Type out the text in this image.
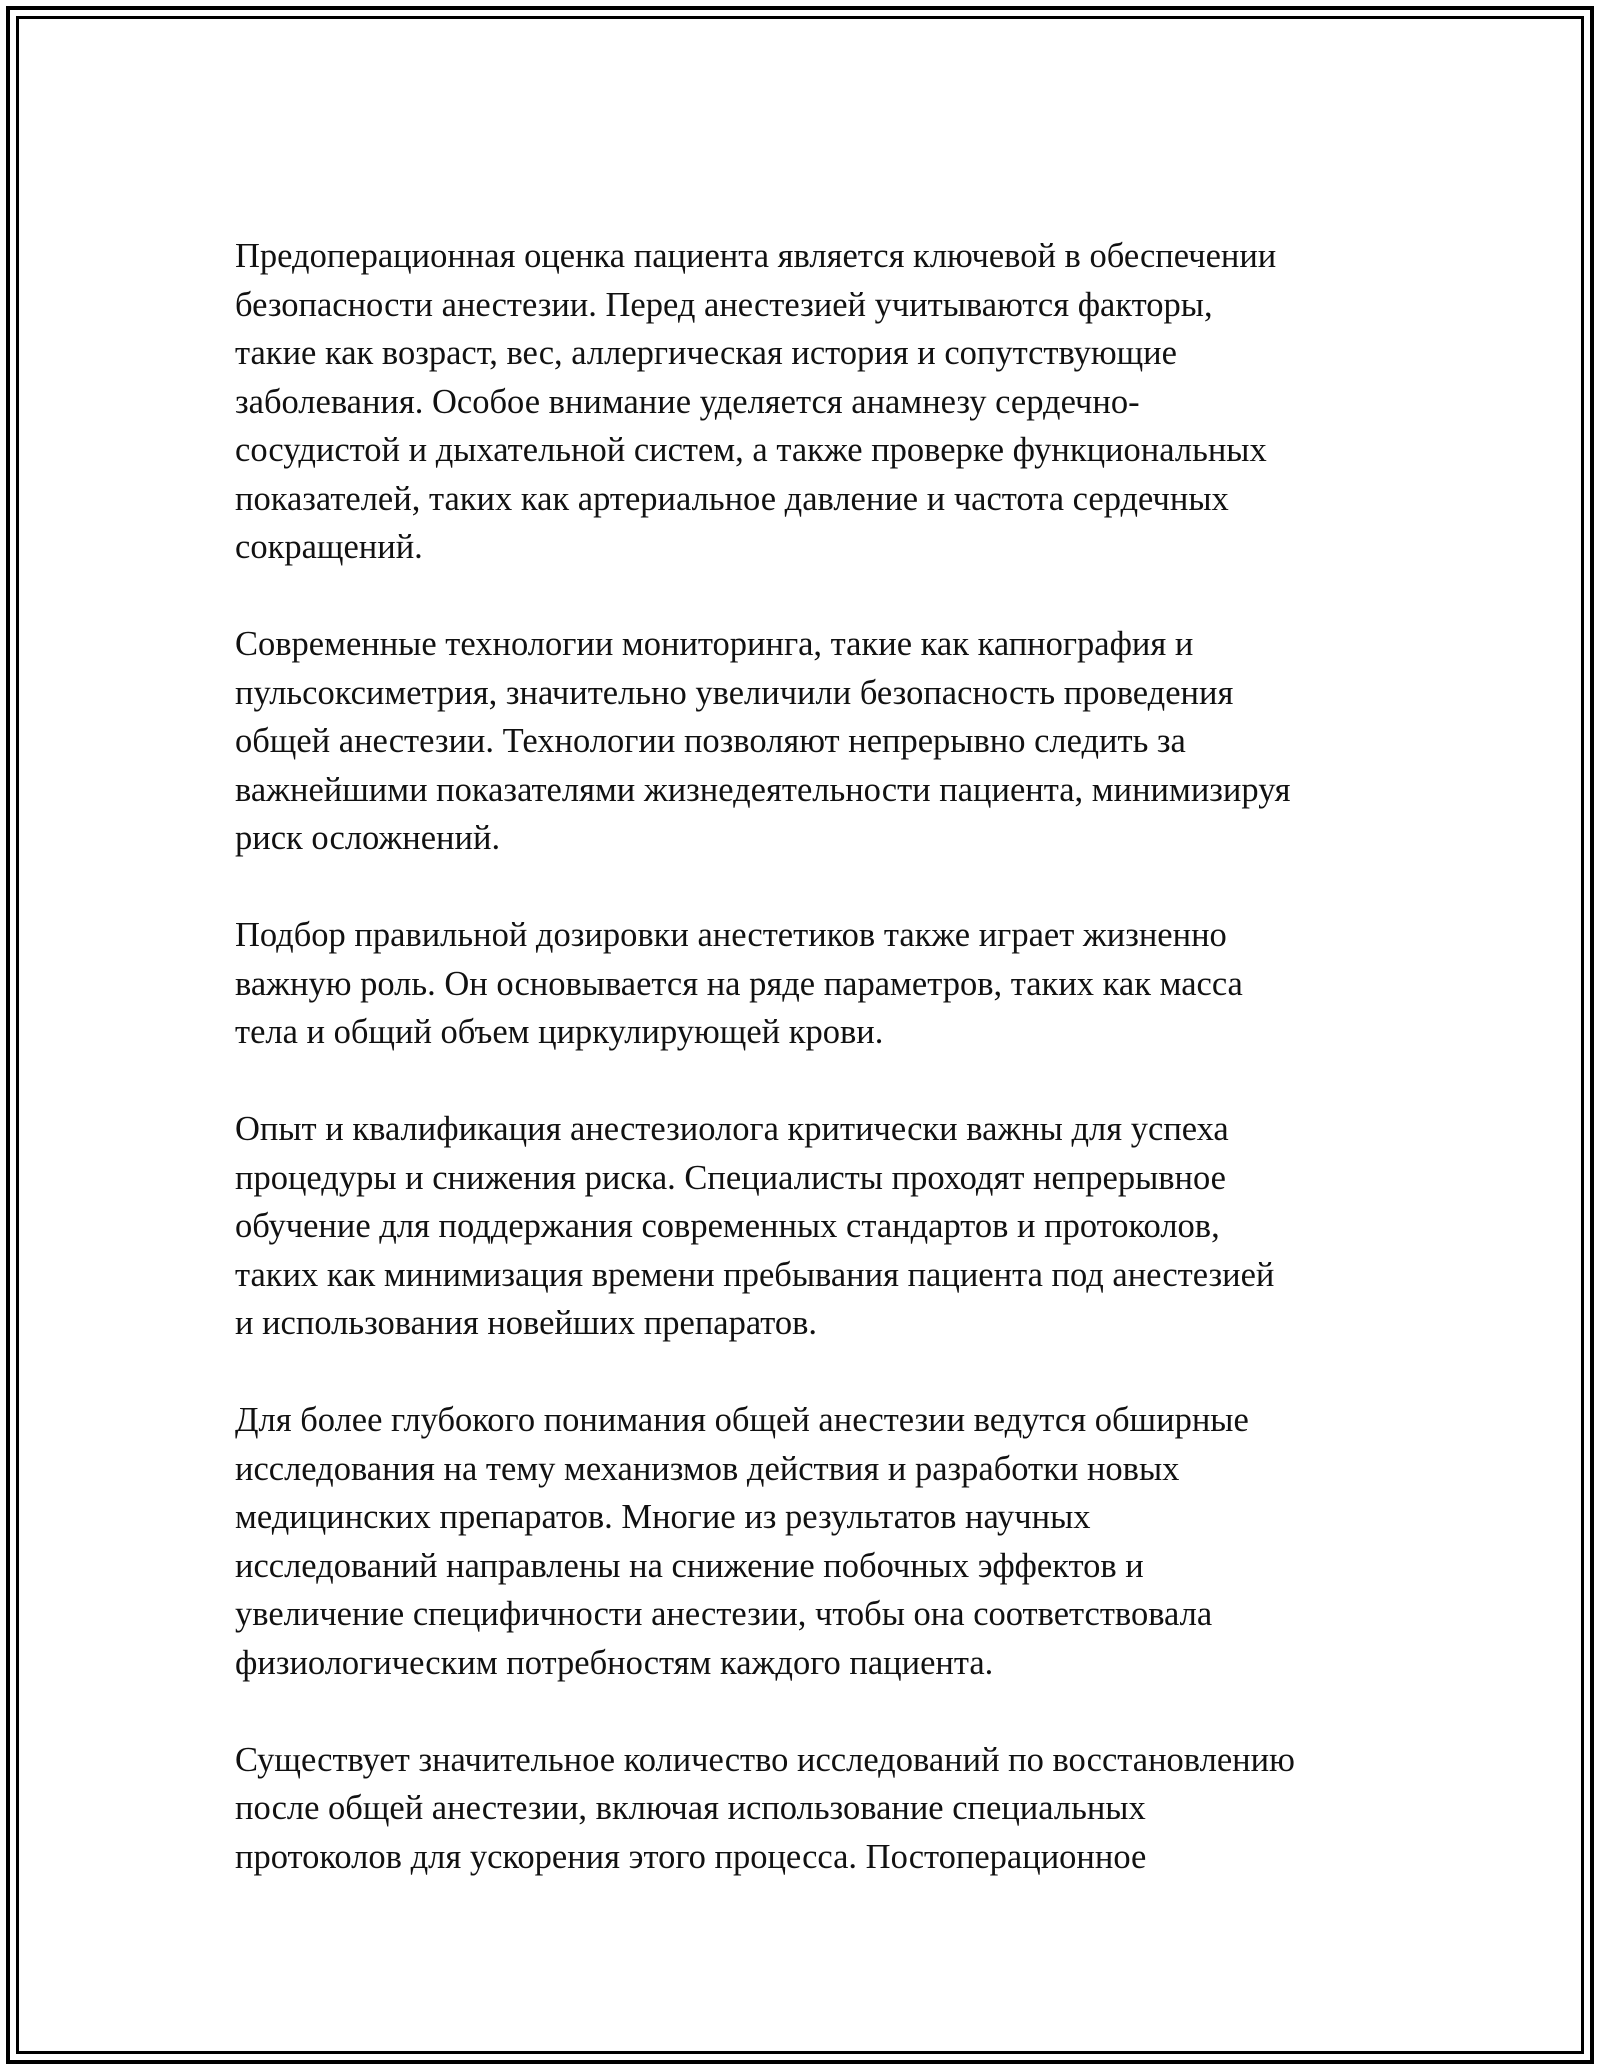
Предоперационная оценка пациента является ключевой в обеспечении
безопасности анестезии. Перед анестезией учитываются факторы,
такие как возраст, вес, аллергическая история и сопутствующие
заболевания. Особое внимание уделяется анамнезу сердечно-
сосудистой и дыхательной систем, а также проверке функциональных
показателей, таких как артериальное давление и частота сердечных
сокращений.

Современные технологии мониторинга, такие как капнография и
пульсоксиметрия, значительно увеличили безопасность проведения
общей анестезии. Технологии позволяют непрерывно следить за
важнейшими показателями жизнедеятельности пациента, минимизируя
риск осложнений.

Подбор правильной дозировки анестетиков также играет жизненно
важную роль. Он основывается на ряде параметров, таких как масса
тела и общий объем циркулирующей крови.

Опыт и квалификация анестезиолога критически важны для успеха
процедуры и снижения риска. Специалисты проходят непрерывное
обучение для поддержания современных стандартов и протоколов,
таких как минимизация времени пребывания пациента под анестезией
и использования новейших препаратов.

Для более глубокого понимания общей анестезии ведутся обширные
исследования на тему механизмов действия и разработки новых
медицинских препаратов. Многие из результатов научных
исследований направлены на снижение побочных эффектов и
увеличение специфичности анестезии, чтобы она соответствовала
физиологическим потребностям каждого пациента.

Существует значительное количество исследований по восстановлению
после общей анестезии, включая использование специальных
протоколов для ускорения этого процесса. Постоперационное
